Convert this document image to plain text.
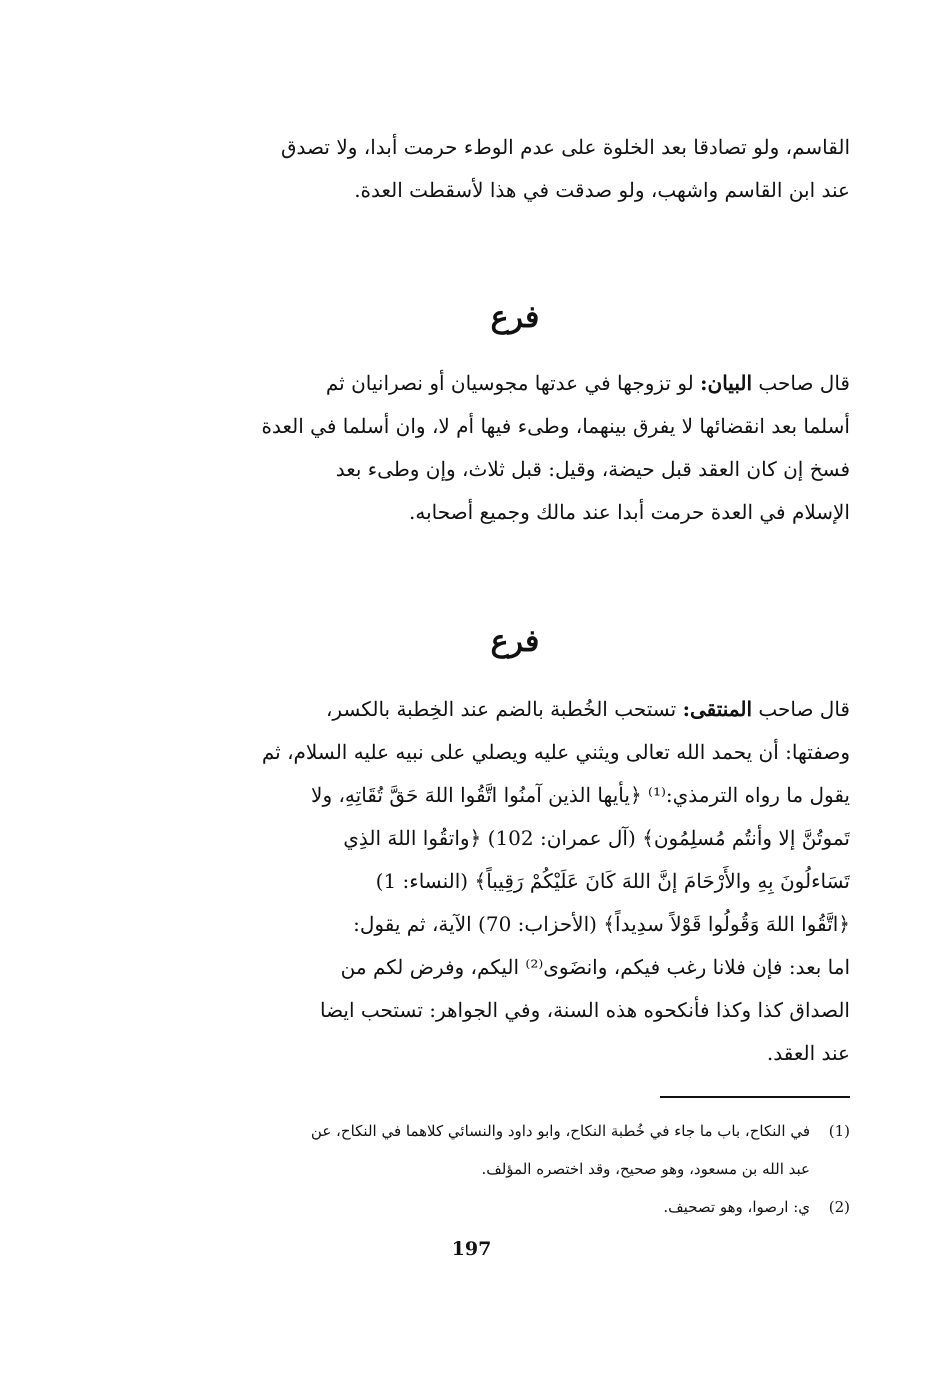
القاسم، ولو تصادقا بعد الخلوة على عدم الوطء حرمت أبدا، ولا تصدق
عند ابن القاسم واشهب، ولو صدقت في هذا لأسقطت العدة.
فرع
قال صاحب البيان: لو تزوجها في عدتها مجوسيان أو نصرانيان ثم
أسلما بعد انقضائها لا يفرق بينهما، وطىء فيها أم لا، وان أسلما في العدة
فسخ إن كان العقد قبل حيضة، وقيل: قبل ثلاث، وإن وطىء بعد
الإسلام في العدة حرمت أبدا عند مالك وجميع أصحابه.
فرع
قال صاحب المنتقى: تستحب الخُطبة بالضم عند الخِطبة بالكسر،
وصفتها: أن يحمد الله تعالى ويثني عليه ويصلي على نبيه عليه السلام، ثم
يقول ما رواه الترمذي:⁽¹⁾ ﴿يأيها الذين آمنُوا اتَّقُوا اللهَ حَقَّ تُقَاتِهِ، ولا
تَموتُنَّ إلا وأنتُم مُسلِمُون﴾ (آل عمران: 102) ﴿واتقُوا اللهَ الذِي
تَسَاءلُونَ بِهِ والأَرْحَامَ إنَّ اللهَ كَانَ عَلَيْكُمْ رَقِيباً﴾ (النساء: 1)
﴿اتَّقُوا اللهَ وَقُولُوا قَوْلاً سدِيداً﴾ (الأحزاب: 70) الآية، ثم يقول:
اما بعد: فإن فلانا رغب فيكم، وانضَوى⁽²⁾ اليكم، وفرض لكم من
الصداق كذا وكذا فأنكحوه هذه السنة، وفي الجواهر: تستحب ايضا
عند العقد.
(1)
في النكاح، باب ما جاء في خُطبة النكاح، وابو داود والنسائي كلاهما في النكاح، عن
عبد الله بن مسعود، وهو صحيح، وقد اختصره المؤلف.
(2)
ي: ارصوا، وهو تصحيف.
197
